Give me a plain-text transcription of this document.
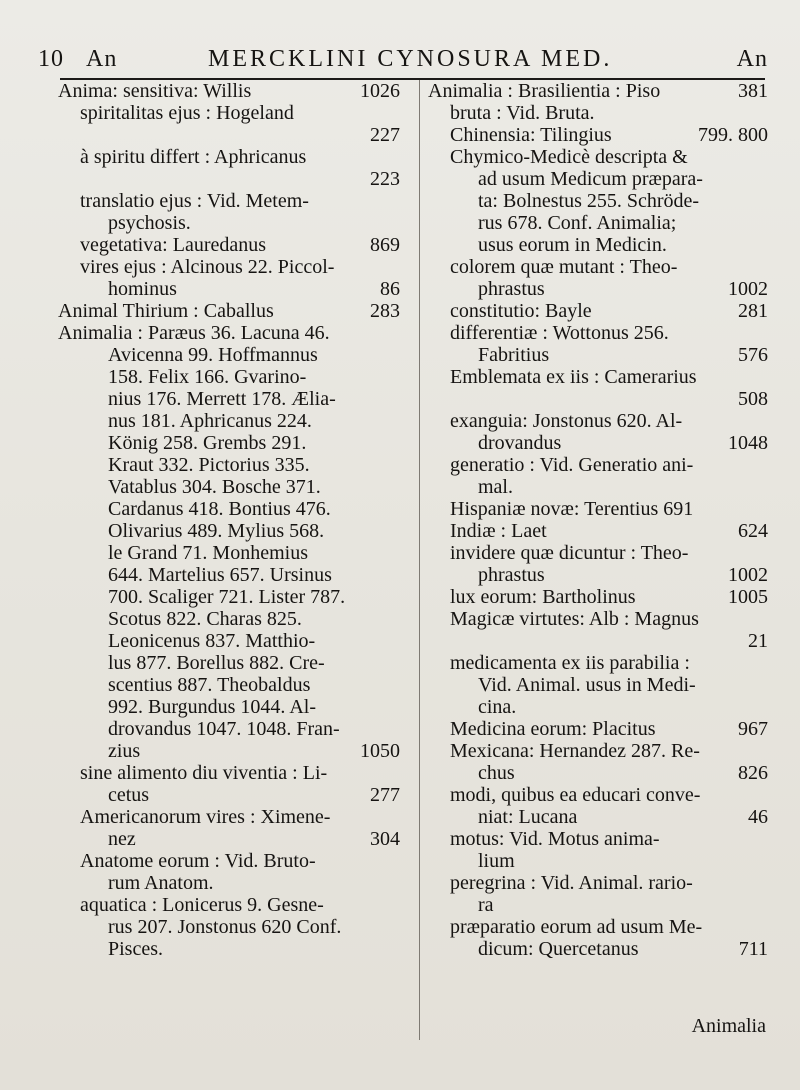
10 An	MERCKLINI CYNOSURA MED.	An
Anima: sensitiva: Willis	1026
spiritalitas ejus : Hogeland
227
à spiritu differt : Aphricanus
223
translatio ejus : Vid. Metem-
psychosis.
vegetativa: Lauredanus	869
vires ejus : Alcinous 22. Piccol-
hominus	86
Animal Thirium : Caballus	283
Animalia : Paræus 36. Lacuna 46.
Avicenna 99. Hoffmannus
158. Felix 166. Gvarino-
nius 176. Merrett 178. Ælia-
nus 181. Aphricanus 224.
König 258. Grembs 291.
Kraut 332. Pictorius 335.
Vatablus 304. Bosche 371.
Cardanus 418. Bontius 476.
Olivarius 489. Mylius 568.
le Grand 71. Monhemius
644. Martelius 657. Ursinus
700. Scaliger 721. Lister 787.
Scotus 822. Charas 825.
Leonicenus 837. Matthio-
lus 877. Borellus 882. Cre-
scentius 887. Theobaldus
992. Burgundus 1044. Al-
drovandus 1047. 1048. Fran-
zius	1050
sine alimento diu viventia : Li-
cetus	277
Americanorum vires : Ximene-
nez	304
Anatome eorum : Vid. Bruto-
rum Anatom.
aquatica : Lonicerus 9. Gesne-
rus 207. Jonstonus 620 Conf.
Pisces.
Animalia : Brasilientia : Piso	381
bruta : Vid. Bruta.
Chinensia: Tilingius	799. 800
Chymico-Medicè descripta &
ad usum Medicum præpara-
ta: Bolnestus 255. Schröde-
rus 678. Conf. Animalia;
usus eorum in Medicin.
colorem quæ mutant : Theo-
phrastus	1002
constitutio: Bayle	281
differentiæ : Wottonus 256.
Fabritius	576
Emblemata ex iis : Camerarius
508
exanguia: Jonstonus 620. Al-
drovandus	1048
generatio : Vid. Generatio ani-
mal.
Hispaniæ novæ: Terentius 691
Indiæ : Laet	624
invidere quæ dicuntur : Theo-
phrastus	1002
lux eorum: Bartholinus	1005
Magicæ virtutes: Alb : Magnus
21
medicamenta ex iis parabilia :
Vid. Animal. usus in Medi-
cina.
Medicina eorum: Placitus	967
Mexicana: Hernandez 287. Re-
chus	826
modi, quibus ea educari conve-
niat: Lucana	46
motus: Vid. Motus anima-
lium
peregrina : Vid. Animal. rario-
ra
præparatio eorum ad usum Me-
dicum: Quercetanus	711
Animalia
